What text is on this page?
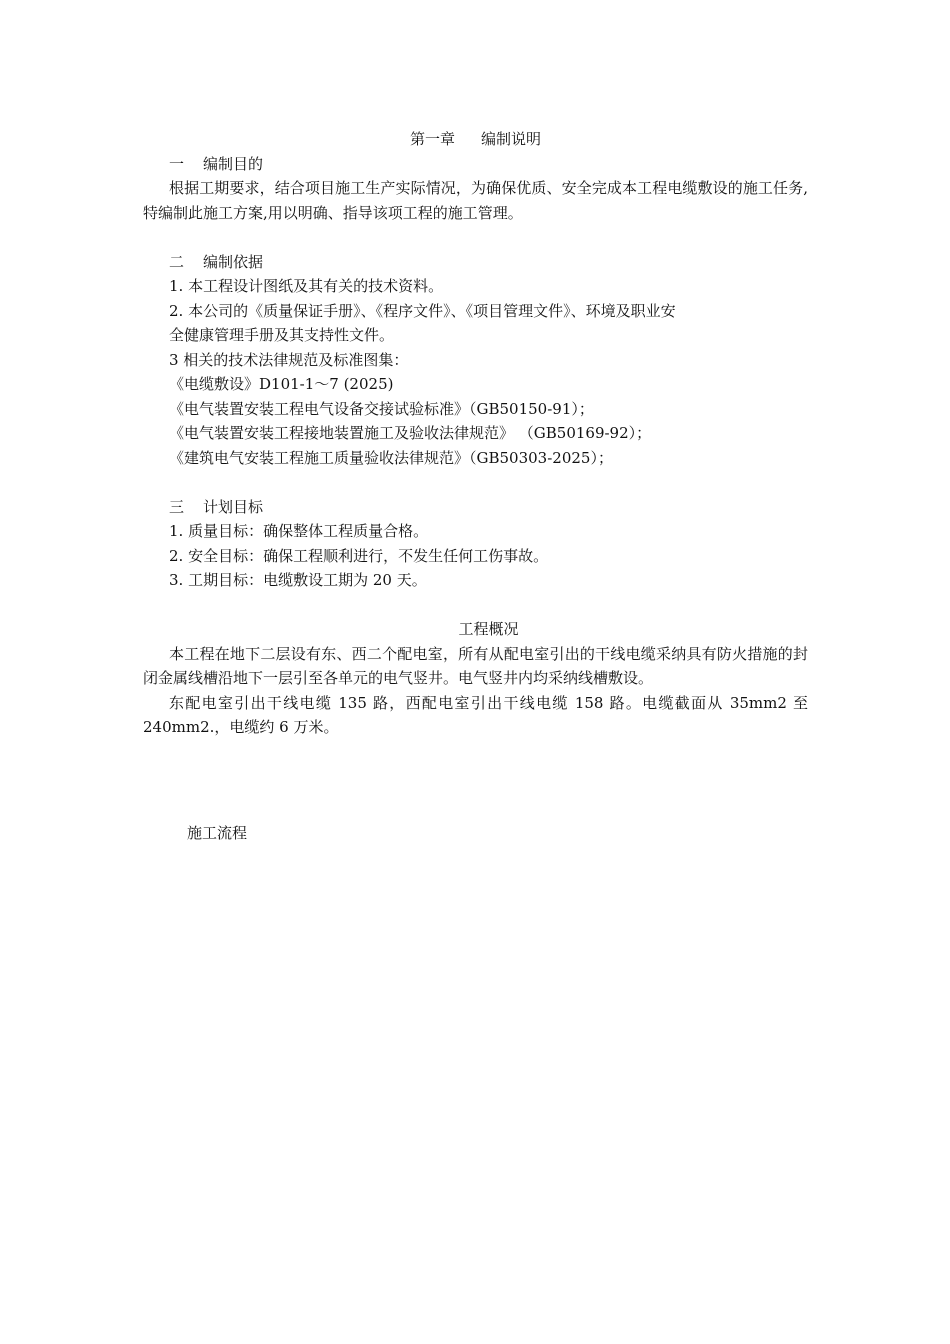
第一章 编制说明

一 编制目的

根据工期要求，结合项目施工生产实际情况，为确保优质、安全完成本工程电缆敷设的施工任务,特编制此施工方案,用以明确、指导该项工程的施工管理。

二 编制依据

1. 本工程设计图纸及其有关的技术资料。

2. 本公司的《质量保证手册》、《程序文件》、《项目管理文件》、环境及职业安

全健康管理手册及其支持性文件。

3 相关的技术法律规范及标准图集：

《电缆敷设》D101-1～7 (2025)

《电气装置安装工程电气设备交接试验标准》（GB50150-91）；

《电气装置安装工程接地装置施工及验收法律规范》 （GB50169-92）；

《建筑电气安装工程施工质量验收法律规范》（GB50303-2025）；

三 计划目标

1. 质量目标：确保整体工程质量合格。

2. 安全目标：确保工程顺利进行，不发生任何工伤事故。

3. 工期目标：电缆敷设工期为 20 天。

工程概况

本工程在地下二层设有东、西二个配电室，所有从配电室引出的干线电缆采纳具有防火措施的封闭金属线槽沿地下一层引至各单元的电气竖井。电气竖井内均采纳线槽敷设。

东配电室引出干线电缆 135 路，西配电室引出干线电缆 158 路。电缆截面从 35mm2 至 240mm2.，电缆约 6 万米。

施工流程
